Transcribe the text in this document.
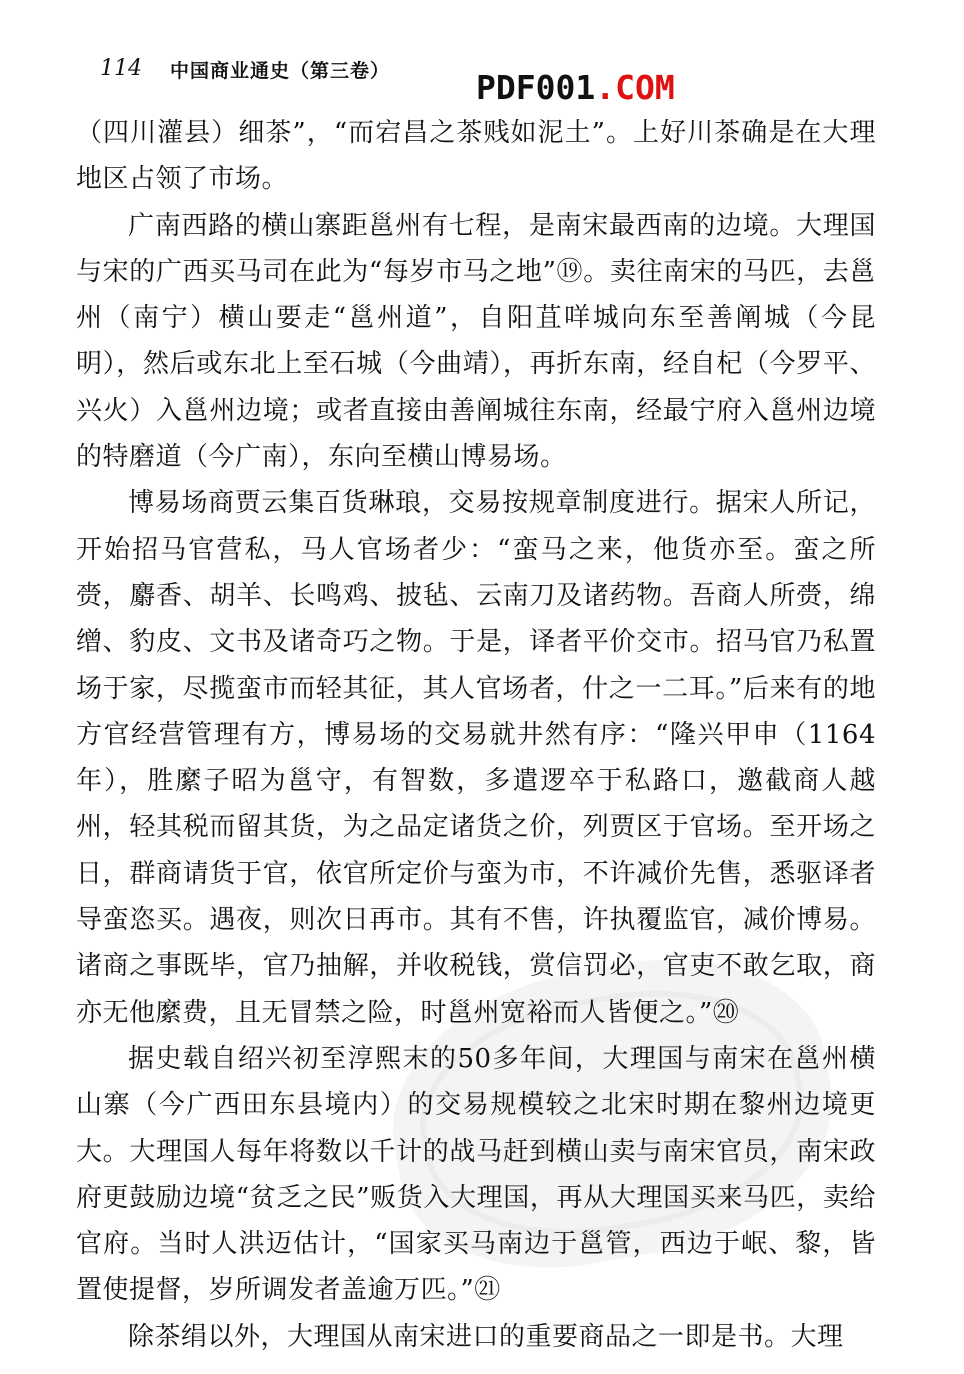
114 中国商业通史（第三卷）	PDF001.COM

（四川灌县）细茶”，“而宕昌之茶贱如泥土”。上好川茶确是在大理地区占领了市场。

广南西路的横山寨距邕州有七程，是南宋最西南的边境。大理国与宋的广西买马司在此为“每岁市马之地”⑲。卖往南宋的马匹，去邕州（南宁）横山要走“邕州道”，自阳苴咩城向东至善阐城（今昆明），然后或东北上至石城（今曲靖），再折东南，经自杞（今罗平、兴火）入邕州边境；或者直接由善阐城往东南，经最宁府入邕州边境的特磨道（今广南），东向至横山博易场。

博易场商贾云集百货琳琅，交易按规章制度进行。据宋人所记，开始招马官营私，马人官场者少：“蛮马之来，他货亦至。蛮之所赍，麝香、胡羊、长鸣鸡、披毡、云南刀及诸药物。吾商人所赍，绵缯、豹皮、文书及诸奇巧之物。于是，译者平价交市。招马官乃私置场于家，尽揽蛮市而轻其征，其人官场者，什之一二耳。”后来有的地方官经营管理有方，博易场的交易就井然有序：“隆兴甲申（1164年），胜縻子昭为邕守，有智数，多遣逻卒于私路口，邀截商人越州，轻其税而留其货，为之品定诸货之价，列贾区于官场。至开场之日，群商请货于官，依官所定价与蛮为市，不许减价先售，悉驱译者导蛮恣买。遇夜，则次日再市。其有不售，许执覆监官，减价博易。诸商之事既毕，官乃抽解，并收税钱，赏信罚必，官吏不敢乞取，商亦无他縻费，且无冒禁之险，时邕州宽裕而人皆便之。”⑳

据史载自绍兴初至淳熙末的50多年间，大理国与南宋在邕州横山寨（今广西田东县境内）的交易规模较之北宋时期在黎州边境更大。大理国人每年将数以千计的战马赶到横山卖与南宋官员，南宋政府更鼓励边境“贫乏之民”贩货入大理国，再从大理国买来马匹，卖给官府。当时人洪迈估计，“国家买马南边于邕管，西边于岷、黎，皆置使提督，岁所调发者盖逾万匹。”㉑

除茶绢以外，大理国从南宋进口的重要商品之一即是书。大理
